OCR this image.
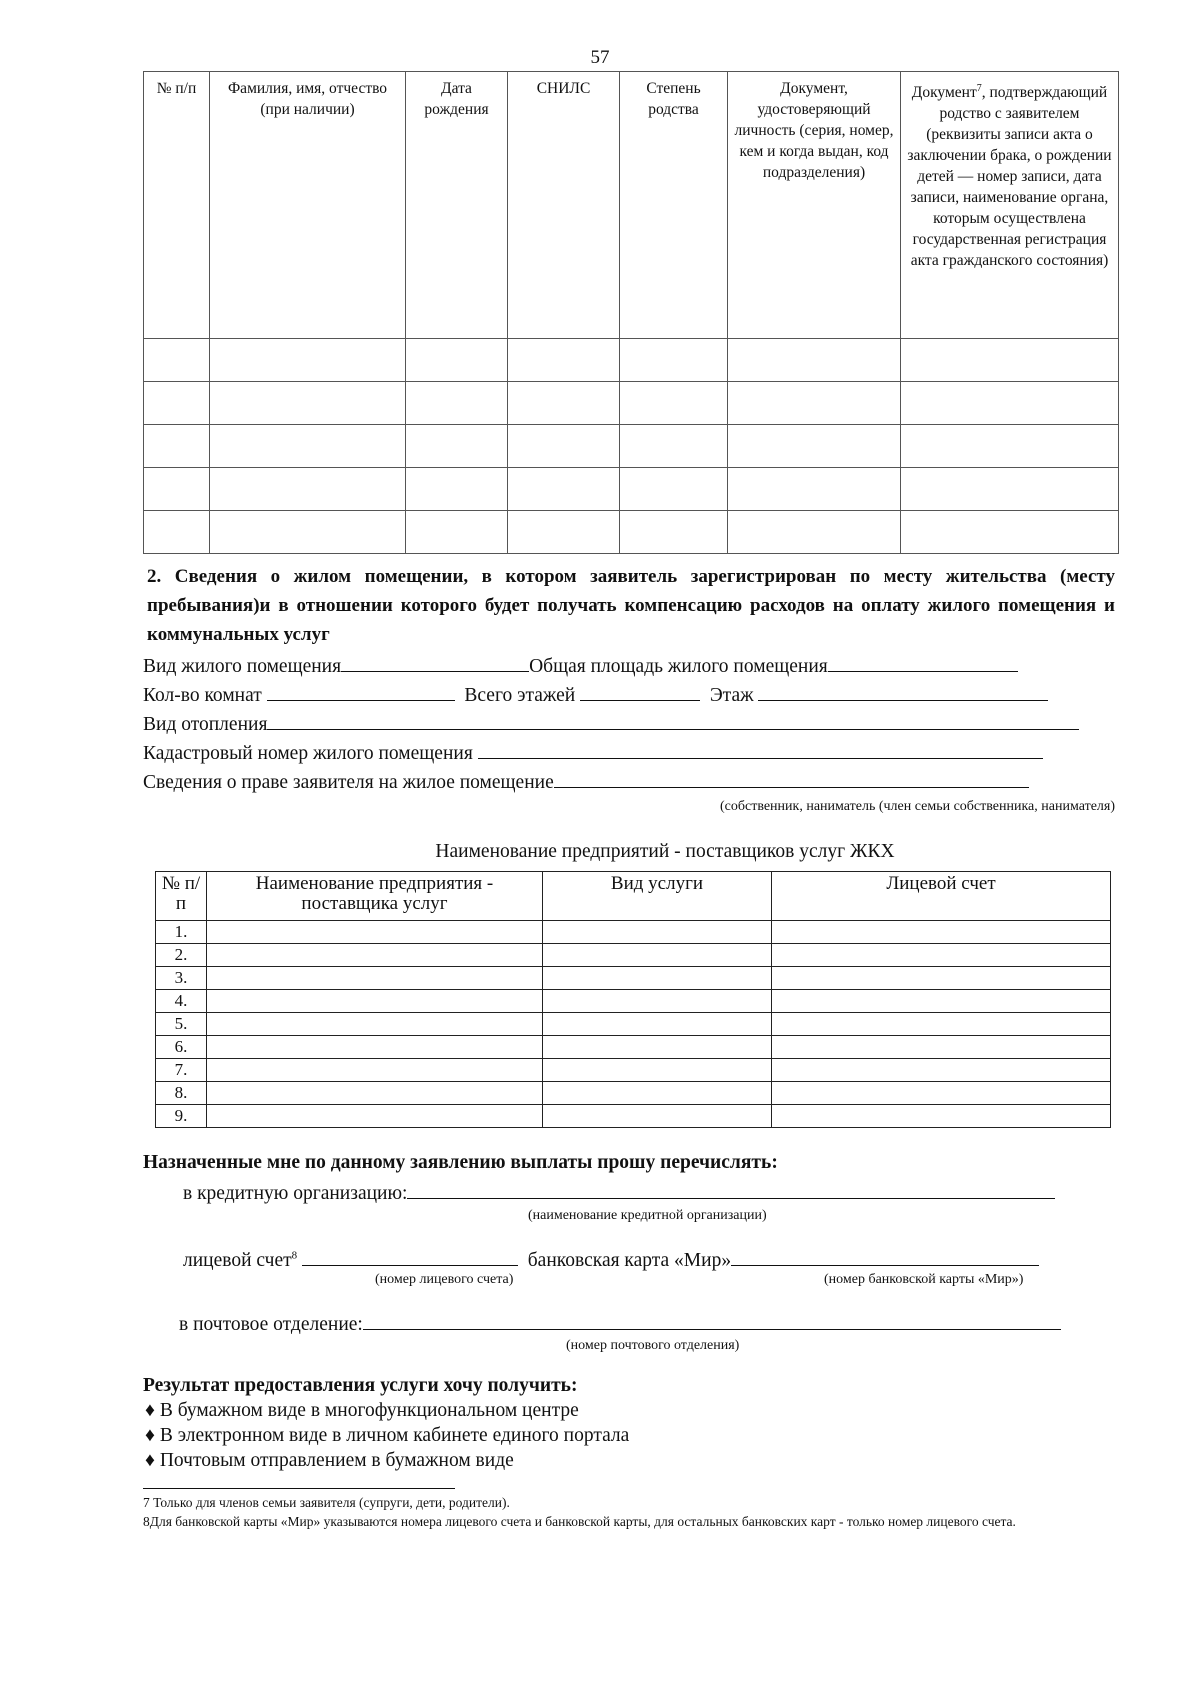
57
№ п/п	Фамилия, имя, отчество (при наличии)	Дата рождения	СНИЛС	Степень родства	Документ, удостоверяющий личность (серия, номер, кем и когда выдан, код подразделения)	Документ$^7$, подтверждающий родство с заявителем (реквизиты записи акта о заключении брака, о рождении детей — номер записи, дата записи, наименование органа, которым осуществлена государственная регистрация акта гражданского состояния)

2. Сведения о жилом помещении, в котором заявитель зарегистрирован по месту жительства (месту пребывания)и в отношении которого будет получать компенсацию расходов на оплату жилого помещения и коммунальных услуг
Вид жилого помещения	Общая площадь жилого помещения
Кол-во комнат	Всего этажей	Этаж
Вид отопления
Кадастровый номер жилого помещения
Сведения о праве заявителя на жилое помещение
(собственник, наниматель (член семьи собственника, нанимателя)
Наименование предприятий - поставщиков услуг ЖКХ
№ п/п	Наименование предприятия - поставщика услуг	Вид услуги	Лицевой счет
1.			
2.			
3.			
4.			
5.			
6.			
7.			
8.			
9.			
Назначенные мне по данному заявлению выплаты прошу перечислять:
в кредитную организацию:
(наименование кредитной организации)
лицевой счет$^8$	банковская карта «Мир»
(номер лицевого счета)	(номер банковской карты «Мир»)
в почтовое отделение:
(номер почтового отделения)
Результат предоставления услуги хочу получить:
♦ В бумажном виде в многофункциональном центре
♦ В электронном виде в личном кабинете единого портала
♦ Почтовым отправлением в бумажном виде
7 Только для членов семьи заявителя (супруги, дети, родители).
8Для банковской карты «Мир» указываются номера лицевого счета и банковской карты, для остальных банковских карт - только номер лицевого счета.
